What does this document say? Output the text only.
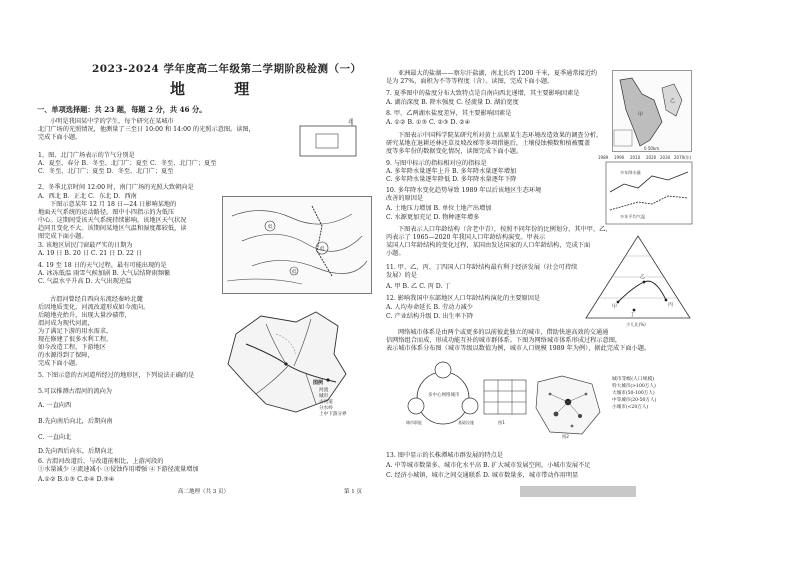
2023-2024 学年度高二年级第二学期阶段检测（一）
地 理
一、单项选择题：共 23 题，每题 2 分，共 46 分。
小明是我国某中学的学生，每个研究在某城市
北门广场的光照情况，他测量了三至日 10:00 和 14:00 的光照示意图。读图，
完成下面小题。
1、图、北门广场表示的节气分别是
A．夏至、春分 B．冬至、北门广；夏至 C．冬至、北门广；夏至
C．冬至、北门广；夏至 D．冬至、北门广；夏至
2、冬季北京时间 12:00 时，南门广场的光照大致朝向是
A．西北 B．正北 C．东北 D．西南
北
下图示意某年 12 月 18 日—24 日影响某地的
地面天气系统的运动路径，图中小四指示的为低压
中心。这期间受该天气系统持续影响，该地区天气状况
趋同且变化不大。该期间某地区气温和湿度都较低，读
图完成下面小题。
低
低
低
3. 该地区居民门窗最严实的日期为
A. 19 日 B. 20 日 C. 21 日 D. 22 日
4. 19 至 18 日的天气过程，最有可能出现的是
A. 冰冻低温 雨雪气候加剧 B. 大气层结降雨频繁
C. 气温水平升高 D. 大气出现逆温
古渭河曾经自西向东流经秦岭北麓
后因地质变化，河流改道形成如今流向。
后随地壳抬升，出现大量沙碛带，
渭河成为现代河流，
为了满足下游的用水需求，
现在修建了很多水利工程，
如今改造工程，下游地区
的水源得到了保障，
完成下面小题。
5. 下图示意的古河道所经过的地形区，下列说法正确的是
图例
河流
城市
古河道
分水岭
上中下游分界
5.可以推测古渭河的流向为
A. 一直向西
B.先向南后向北，后期向南
C. 一直向北
D.先向西后向东，后期向北
6. 古渭河改道后，与改道前相比，上游河段的
①水量减少 ②流速减小 ③侵蚀作用增强 ④下游径流量增加
A.①② B.①③ C.②④ D.③④
亚洲最大的盐湖——察尔汗盐湖，南北长约 1200 千米，夏季通常接近约
是为 27%，面积为不等等程度（含）。读图，完成下面小题。
7. 夏季图中的盐度分布大致特点是自南向西北递增，其主要影响因素是
A. 湖泊深度 B. 降水强度 C. 径流量 D. 湖泊宽度
8. 甲、乙两湖水盐度差异，其主要影响因素是
A. ①② B. ①③ C. ②③ D. ②④
甲
乙
0 50km
下图表示中国科学院某研究所对黄土高原某生态环境改造效果的调查分析，
研究某地在退耕还林还草及坡改梯等多项措施后，土壤侵蚀模数和植被覆盖
度等多年份的数据变化情况，读图完成下面小题。
9. 与图中标示的指标相对应的指标是
A. 多年降水量逐年上升 B. 多年降水量逐年增加
C. 多年降水量逐年降低 D. 多年降水量逐年下降
10. 多年降水变化趋势导致 1989 年以后该地区生态环境
改善的原因是
A. 土地压力增加 B. 单位土地产出增加
C. 水源更加充足 D. 物种逐年增多
1989 1990 2010 2020 2030 2070(年)
多年降水量
多年平均气温
下图表示人口年龄结构（含老中青），按照不同年份的比例划分，其中甲、乙、
丙表示了 1965—2020 年我国人口年龄结构演变。甲表示
某国人口年龄结构的变化过程，某国由发达国家的人口年龄结构，完成下面
小题。
甲
乙
丙
丁
少儿比(%)
11. 甲、乙、丙、丁四国人口年龄结构最有利于经济发展（社会可持续
发展）的是
A. 甲 B. 乙 C. 丙 D. 丁
12. 影响我国中东部地区人口年龄结构演化的主要原因是
A. 人均寿命延长 B. 劳动力减少
C. 产业结构升级 D. 出生率下降
网络城市体系是由两个或更多的以前彼此独立的城市，借助快速高效的交通通
信网络组合而成，形成功能互补的城市群体系。下图为网络城市体系形成过程示意图，
表示城市体系分布图（城市等级以数值为例，城市人口规模 1989 年为例），据此完成下面小题。
多中心网络城市
城市职能	基础设施	图1
图2
城市等级(人口规模)
特大城市(>100万人)
大城市(50-100万人)
中等城市(20-50万人)
小城市(<20万人)
13. 图中显示的长株潭城市群发展的特点是
A. 中等城市数量多、城市化水平高 B. 扩大城市发展空间，小城市发展不足
C. 经济小城镇，城市之间交通联系 D. 城市数量多，城市带动作用明显
高二地理（共 3 页）	第 1 页
